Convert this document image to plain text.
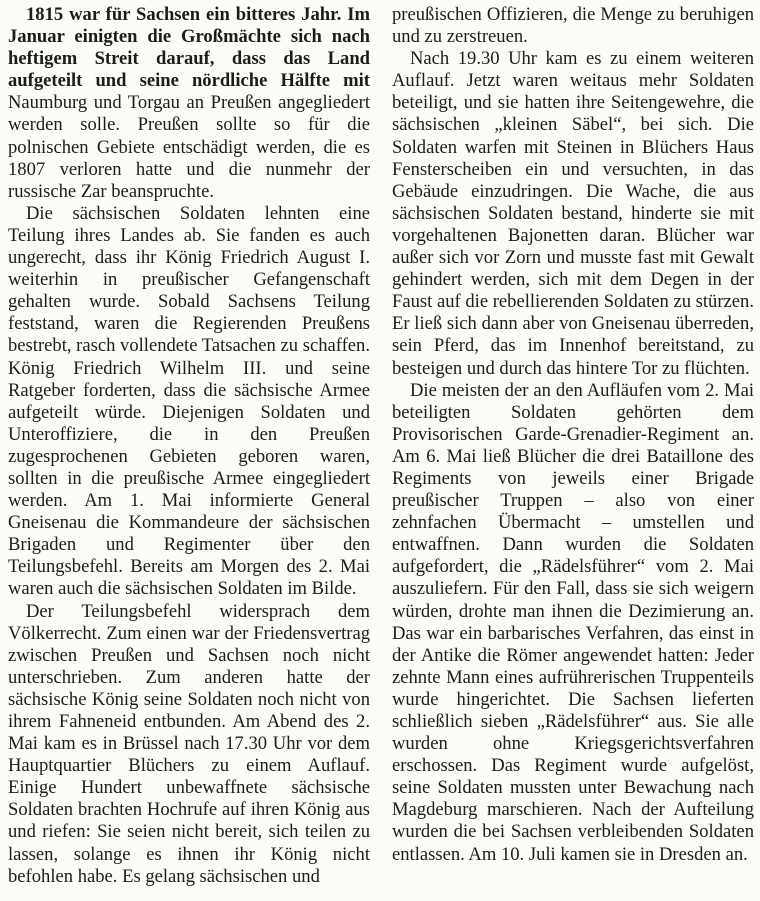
1815 war für Sachsen ein bitteres Jahr. Im Januar einigten die Großmächte sich nach heftigem Streit darauf, dass das Land aufgeteilt und seine nördliche Hälfte mit Naumburg und Torgau an Preußen angegliedert werden solle. Preußen sollte so für die polnischen Gebiete entschädigt werden, die es 1807 verloren hatte und die nunmehr der russische Zar beanspruchte.

Die sächsischen Soldaten lehnten eine Teilung ihres Landes ab. Sie fanden es auch ungerecht, dass ihr König Friedrich August I. weiterhin in preußischer Gefangenschaft gehalten wurde. Sobald Sachsens Teilung feststand, waren die Regierenden Preußens bestrebt, rasch vollendete Tatsachen zu schaffen. König Friedrich Wilhelm III. und seine Ratgeber forderten, dass die sächsische Armee aufgeteilt würde. Diejenigen Soldaten und Unteroffiziere, die in den Preußen zugesprochenen Gebieten geboren waren, sollten in die preußische Armee eingegliedert werden. Am 1. Mai informierte General Gneisenau die Kommandeure der sächsischen Brigaden und Regimenter über den Teilungsbefehl. Bereits am Morgen des 2. Mai waren auch die sächsischen Soldaten im Bilde.

Der Teilungsbefehl widersprach dem Völkerrecht. Zum einen war der Friedensvertrag zwischen Preußen und Sachsen noch nicht unterschrieben. Zum anderen hatte der sächsische König seine Soldaten noch nicht von ihrem Fahneneid entbunden. Am Abend des 2. Mai kam es in Brüssel nach 17.30 Uhr vor dem Hauptquartier Blüchers zu einem Auflauf. Einige Hundert unbewaffnete sächsische Soldaten brachten Hochrufe auf ihren König aus und riefen: Sie seien nicht bereit, sich teilen zu lassen, solange es ihnen ihr König nicht befohlen habe. Es gelang sächsischen und

preußischen Offizieren, die Menge zu beruhigen und zu zerstreuen.

Nach 19.30 Uhr kam es zu einem weiteren Auflauf. Jetzt waren weitaus mehr Soldaten beteiligt, und sie hatten ihre Seitengewehre, die sächsischen „kleinen Säbel“, bei sich. Die Soldaten warfen mit Steinen in Blüchers Haus Fensterscheiben ein und versuchten, in das Gebäude einzudringen. Die Wache, die aus sächsischen Soldaten bestand, hinderte sie mit vorgehaltenen Bajonetten daran. Blücher war außer sich vor Zorn und musste fast mit Gewalt gehindert werden, sich mit dem Degen in der Faust auf die rebellierenden Soldaten zu stürzen. Er ließ sich dann aber von Gneisenau überreden, sein Pferd, das im Innenhof bereitstand, zu besteigen und durch das hintere Tor zu flüchten.

Die meisten der an den Aufläufen vom 2. Mai beteiligten Soldaten gehörten dem Provisorischen Garde-Grenadier-Regiment an. Am 6. Mai ließ Blücher die drei Bataillone des Regiments von jeweils einer Brigade preußischer Truppen – also von einer zehnfachen Übermacht – umstellen und entwaffnen. Dann wurden die Soldaten aufgefordert, die „Rädelsführer“ vom 2. Mai auszuliefern. Für den Fall, dass sie sich weigern würden, drohte man ihnen die Dezimierung an. Das war ein barbarisches Verfahren, das einst in der Antike die Römer angewendet hatten: Jeder zehnte Mann eines aufrührerischen Truppenteils wurde hingerichtet. Die Sachsen lieferten schließlich sieben „Rädelsführer“ aus. Sie alle wurden ohne Kriegsgerichtsverfahren erschossen. Das Regiment wurde aufgelöst, seine Soldaten mussten unter Bewachung nach Magdeburg marschieren. Nach der Aufteilung wurden die bei Sachsen verbleibenden Soldaten entlassen. Am 10. Juli kamen sie in Dresden an.
